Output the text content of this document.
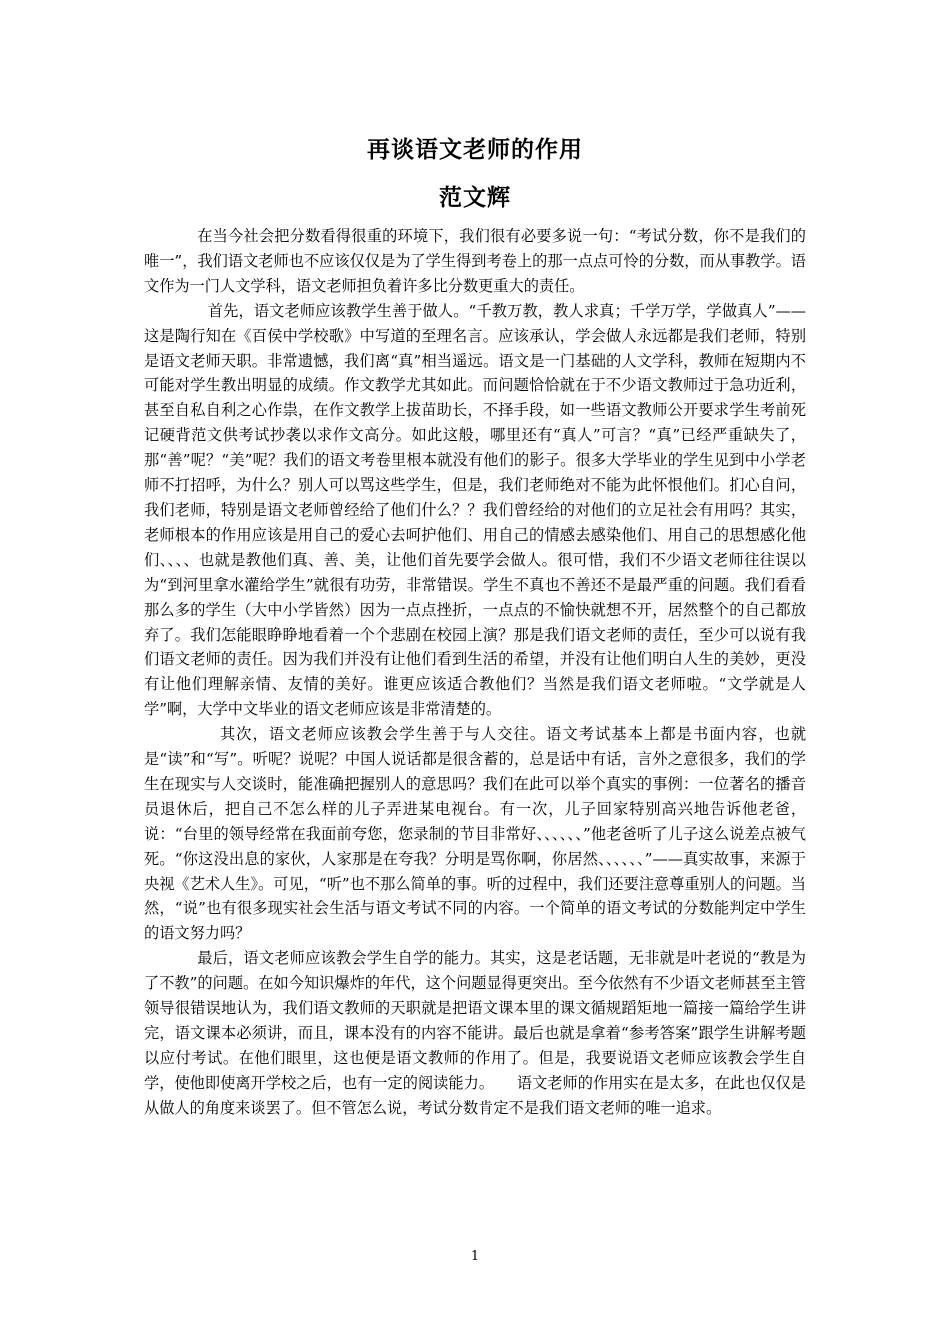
再谈语文老师的作用
范文辉

在当今社会把分数看得很重的环境下，我们很有必要多说一句：“考试分数，你不是我们的唯一”，我们语文老师也不应该仅仅是为了学生得到考卷上的那一点点可怜的分数，而从事教学。语文作为一门人文学科，语文老师担负着许多比分数更重大的责任。

首先，语文老师应该教学生善于做人。“千教万教，教人求真；千学万学，学做真人”——这是陶行知在《百侯中学校歌》中写道的至理名言。应该承认，学会做人永远都是我们老师，特别是语文老师天职。非常遗憾，我们离“真”相当遥远。语文是一门基础的人文学科，教师在短期内不可能对学生教出明显的成绩。作文教学尤其如此。而问题恰恰就在于不少语文教师过于急功近利，甚至自私自利之心作祟，在作文教学上拔苗助长，不择手段，如一些语文教师公开要求学生考前死记硬背范文供考试抄袭以求作文高分。如此这般，哪里还有“真人”可言？“真”已经严重缺失了，那“善”呢？“美”呢？我们的语文考卷里根本就没有他们的影子。很多大学毕业的学生见到中小学老师不打招呼，为什么？别人可以骂这些学生，但是，我们老师绝对不能为此怀恨他们。扪心自问，我们老师，特别是语文老师曾经给了他们什么？？我们曾经给的对他们的立足社会有用吗？其实，老师根本的作用应该是用自己的爱心去呵护他们、用自己的情感去感染他们、用自己的思想感化他们、、、、也就是教他们真、善、美，让他们首先要学会做人。很可惜，我们不少语文老师往往误以为“到河里拿水灌给学生”就很有功劳，非常错误。学生不真也不善还不是最严重的问题。我们看看那么多的学生（大中小学皆然）因为一点点挫折，一点点的不愉快就想不开，居然整个的自己都放弃了。我们怎能眼睁睁地看着一个个悲剧在校园上演？那是我们语文老师的责任，至少可以说有我们语文老师的责任。因为我们并没有让他们看到生活的希望，并没有让他们明白人生的美妙，更没有让他们理解亲情、友情的美好。谁更应该适合教他们？当然是我们语文老师啦。“文学就是人学”啊，大学中文毕业的语文老师应该是非常清楚的。

其次，语文老师应该教会学生善于与人交往。语文考试基本上都是书面内容，也就是“读”和“写”。听呢？说呢？中国人说话都是很含蓄的，总是话中有话，言外之意很多，我们的学生在现实与人交谈时，能准确把握别人的意思吗？我们在此可以举个真实的事例：一位著名的播音员退休后，把自己不怎么样的儿子弄进某电视台。有一次，儿子回家特别高兴地告诉他老爸，说：“台里的领导经常在我面前夸您，您录制的节目非常好、、、、、、”他老爸听了儿子这么说差点被气死。“你这没出息的家伙，人家那是在夸我？分明是骂你啊，你居然、、、、、、”——真实故事，来源于央视《艺术人生》。可见，“听”也不那么简单的事。听的过程中，我们还要注意尊重别人的问题。当然，“说”也有很多现实社会生活与语文考试不同的内容。一个简单的语文考试的分数能判定中学生的语文努力吗？

最后，语文老师应该教会学生自学的能力。其实，这是老话题，无非就是叶老说的“教是为了不教”的问题。在如今知识爆炸的年代，这个问题显得更突出。至今依然有不少语文老师甚至主管领导很错误地认为，我们语文教师的天职就是把语文课本里的课文循规蹈矩地一篇接一篇给学生讲完，语文课本必须讲，而且，课本没有的内容不能讲。最后也就是拿着“参考答案”跟学生讲解考题以应付考试。在他们眼里，这也便是语文教师的作用了。但是，我要说语文老师应该教会学生自学，使他即使离开学校之后，也有一定的阅读能力。　　语文老师的作用实在是太多，在此也仅仅是从做人的角度来谈罢了。但不管怎么说，考试分数肯定不是我们语文老师的唯一追求。

1
